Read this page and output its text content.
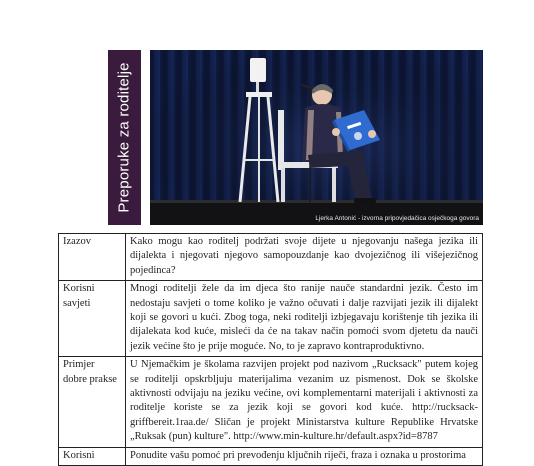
Preporuke za roditelje
Ljerka Antonić - izvorna pripovjedačica osječkoga govora
Izazov	Kako mogu kao roditelj podržati svoje dijete u njegovanju našega jezika ili dijalekta i njegovati njegovo samopouzdanje kao dvojezičnog ili višejezičnog pojedinca?
Korisni savjeti	Mnogi roditelji žele da im djeca što ranije nauče standardni jezik. Često im nedostaju savjeti o tome koliko je važno očuvati i dalje razvijati jezik ili dijalekt koji se govori u kući. Zbog toga, neki roditelji izbjegavaju korištenje tih jezika ili dijalekata kod kuće, misleći da će na takav način pomoći svom djetetu da nauči jezik većine što je prije moguće. No, to je zapravo kontraproduktivno.
Primjer dobre prakse	U Njemačkim je školama razvijen projekt pod nazivom „Rucksack" putem kojeg se roditelji opskrbljuju materijalima vezanim uz pismenost. Dok se školske aktivnosti odvijaju na jeziku većine, ovi komplementarni materijali i aktivnosti za roditelje koriste se za jezik koji se govori kod kuće. http://rucksack-griffbereit.1raa.de/ Sličan je projekt Ministarstva kulture Republike Hrvatske „Ruksak (pun) kulture". http://www.min-kulture.hr/default.aspx?id=8787
Korisni	Ponudite vašu pomoć pri prevođenju ključnih riječi, fraza i oznaka u prostorima
